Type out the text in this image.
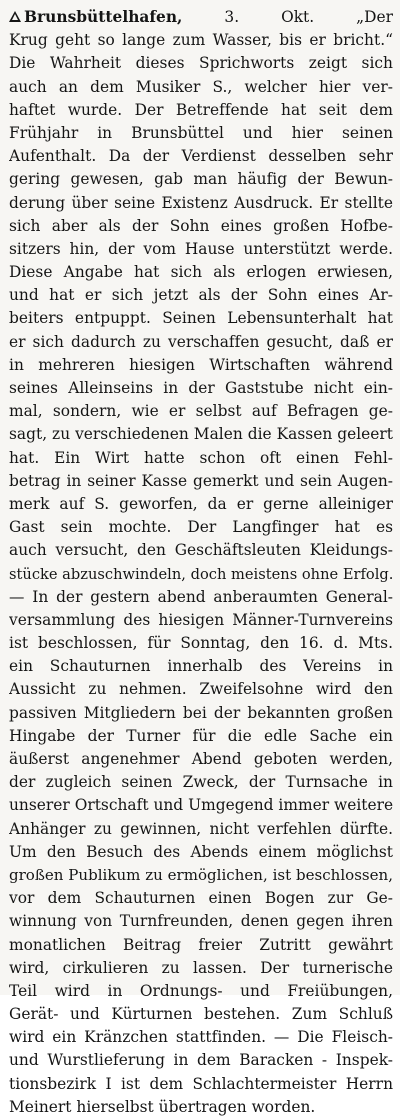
Brunsbüttelhafen,	3. Okt.	„Der
Krug geht so lange zum Wasser, bis er bricht.“
Die Wahrheit dieses Sprichworts zeigt sich
auch an dem Musiker S., welcher hier ver-
haftet wurde. Der Betreffende hat seit dem
Frühjahr in Brunsbüttel und hier seinen
Aufenthalt. Da der Verdienst desselben sehr
gering gewesen, gab man häufig der Bewun-
derung über seine Existenz Ausdruck. Er stellte
sich aber als der Sohn eines großen Hofbe-
sitzers hin, der vom Hause unterstützt werde.
Diese Angabe hat sich als erlogen erwiesen,
und hat er sich jetzt als der Sohn eines Ar-
beiters entpuppt. Seinen Lebensunterhalt hat
er sich dadurch zu verschaffen gesucht, daß er
in mehreren hiesigen Wirtschaften während
seines Alleinseins in der Gaststube nicht ein-
mal, sondern, wie er selbst auf Befragen ge-
sagt, zu verschiedenen Malen die Kassen geleert
hat. Ein Wirt hatte schon oft einen Fehl-
betrag in seiner Kasse gemerkt und sein Augen-
merk auf S. geworfen, da er gerne alleiniger
Gast sein mochte. Der Langfinger hat es
auch versucht, den Geschäftsleuten Kleidungs-
stücke abzuschwindeln, doch meistens ohne Erfolg.
— In der gestern abend anberaumten General-
versammlung des hiesigen Männer-Turnvereins
ist beschlossen, für Sonntag, den 16. d. Mts.
ein Schauturnen innerhalb des Vereins in
Aussicht zu nehmen. Zweifelsohne wird den
passiven Mitgliedern bei der bekannten großen
Hingabe der Turner für die edle Sache ein
äußerst angenehmer Abend geboten werden,
der zugleich seinen Zweck, der Turnsache in
unserer Ortschaft und Umgegend immer weitere
Anhänger zu gewinnen, nicht verfehlen dürfte.
Um den Besuch des Abends einem möglichst
großen Publikum zu ermöglichen, ist beschlossen,
vor dem Schauturnen einen Bogen zur Ge-
winnung von Turnfreunden, denen gegen ihren
monatlichen Beitrag freier Zutritt gewährt
wird, cirkulieren zu lassen. Der turnerische
Teil wird in Ordnungs- und Freiübungen,
Gerät- und Kürturnen bestehen. Zum Schluß
wird ein Kränzchen stattfinden. — Die Fleisch-
und Wurstlieferung in dem Baracken - Inspek-
tionsbezirk I ist dem Schlachtermeister Herrn
Meinert hierselbst übertragen worden.
